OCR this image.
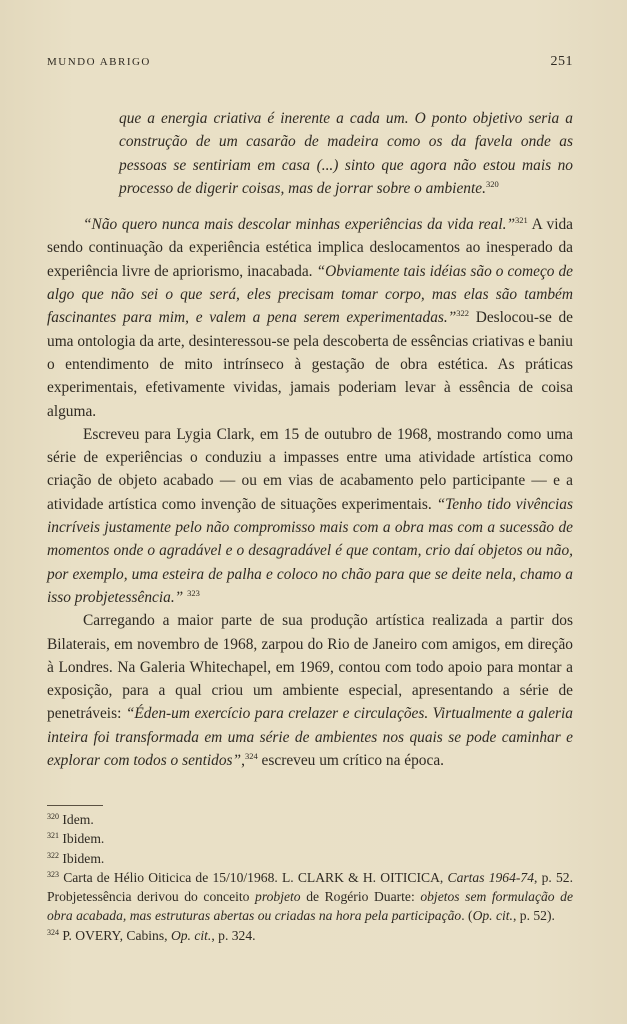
MUNDO ABRIGO	251

que a energia criativa é inerente a cada um. O ponto objetivo seria a construção de um casarão de madeira como os da favela onde as pessoas se sentiriam em casa (...) sinto que agora não estou mais no processo de digerir coisas, mas de jorrar sobre o ambiente.$^{320}$

“Não quero nunca mais descolar minhas experiências da vida real.”$^{321}$ A vida sendo continuação da experiência estética implica deslocamentos ao inesperado da experiência livre de apriorismo, inacabada. “Obviamente tais idéias são o começo de algo que não sei o que será, eles precisam tomar corpo, mas elas são também fascinantes para mim, e valem a pena serem experimentadas.”$^{322}$ Deslocou-se de uma ontologia da arte, desinteressou-se pela descoberta de essências criativas e baniu o entendimento de mito intrínseco à gestação de obra estética. As práticas experimentais, efetivamente vividas, jamais poderiam levar à essência de coisa alguma.

Escreveu para Lygia Clark, em 15 de outubro de 1968, mostrando como uma série de experiências o conduziu a impasses entre uma atividade artística como criação de objeto acabado — ou em vias de acabamento pelo participante — e a atividade artística como invenção de situações experimentais. “Tenho tido vivências incríveis justamente pelo não compromisso mais com a obra mas com a sucessão de momentos onde o agradável e o desagradável é que contam, crio daí objetos ou não, por exemplo, uma esteira de palha e coloco no chão para que se deite nela, chamo a isso probjetessência.” $^{323}$

Carregando a maior parte de sua produção artística realizada a partir dos Bilaterais, em novembro de 1968, zarpou do Rio de Janeiro com amigos, em direção à Londres. Na Galeria Whitechapel, em 1969, contou com todo apoio para montar a exposição, para a qual criou um ambiente especial, apresentando a série de penetráveis: “Éden-um exercício para crelazer e circulações. Virtualmente a galeria inteira foi transformada em uma série de ambientes nos quais se pode caminhar e explorar com todos o sentidos”,$^{324}$ escreveu um crítico na época.

$^{320}$ Idem.

$^{321}$ Ibidem.

$^{322}$ Ibidem.

$^{323}$ Carta de Hélio Oiticica de 15/10/1968. L. CLARK & H. OITICICA, Cartas 1964-74, p. 52. Probjetessência derivou do conceito probjeto de Rogério Duarte: objetos sem formulação de obra acabada, mas estruturas abertas ou criadas na hora pela participação. (Op. cit., p. 52).

$^{324}$ P. OVERY, Cabins, Op. cit., p. 324.
